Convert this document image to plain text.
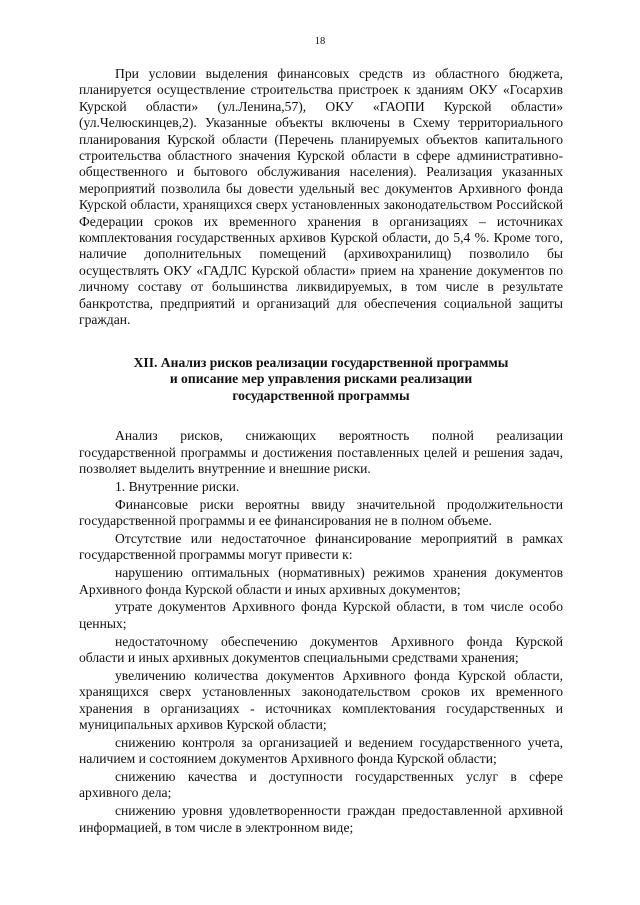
18

При условии выделения финансовых средств из областного бюджета, планируется осуществление строительства пристроек к зданиям ОКУ «Госархив Курской области» (ул.Ленина,57), ОКУ «ГАОПИ Курской области» (ул.Челюскинцев,2). Указанные объекты включены в Схему территориального планирования Курской области (Перечень планируемых объектов капитального строительства областного значения Курской области в сфере административно-общественного и бытового обслуживания населения). Реализация указанных мероприятий позволила бы довести удельный вес документов Архивного фонда Курской области, хранящихся сверх установленных законодательством Российской Федерации сроков их временного хранения в организациях – источниках комплектования государственных архивов Курской области, до 5,4 %. Кроме того, наличие дополнительных помещений (архивохранилищ) позволило бы осуществлять ОКУ «ГАДЛС Курской области» прием на хранение документов по личному составу от большинства ликвидируемых, в том числе в результате банкротства, предприятий и организаций для обеспечения социальной защиты граждан.

XII. Анализ рисков реализации государственной программы
и описание мер управления рисками реализации
государственной программы

Анализ рисков, снижающих вероятность полной реализации государственной программы и достижения поставленных целей и решения задач, позволяет выделить внутренние и внешние риски.

1. Внутренние риски.

Финансовые риски вероятны ввиду значительной продолжительности государственной программы и ее финансирования не в полном объеме.

Отсутствие или недостаточное финансирование мероприятий в рамках государственной программы могут привести к:

нарушению оптимальных (нормативных) режимов хранения документов Архивного фонда Курской области и иных архивных документов;

утрате документов Архивного фонда Курской области, в том числе особо ценных;

недостаточному обеспечению документов Архивного фонда Курской области и иных архивных документов специальными средствами хранения;

увеличению количества документов Архивного фонда Курской области, хранящихся сверх установленных законодательством сроков их временного хранения в организациях - источниках комплектования государственных и муниципальных архивов Курской области;

снижению контроля за организацией и ведением государственного учета, наличием и состоянием документов Архивного фонда Курской области;

снижению качества и доступности государственных услуг в сфере архивного дела;

снижению уровня удовлетворенности граждан предоставленной архивной информацией, в том числе в электронном виде;
